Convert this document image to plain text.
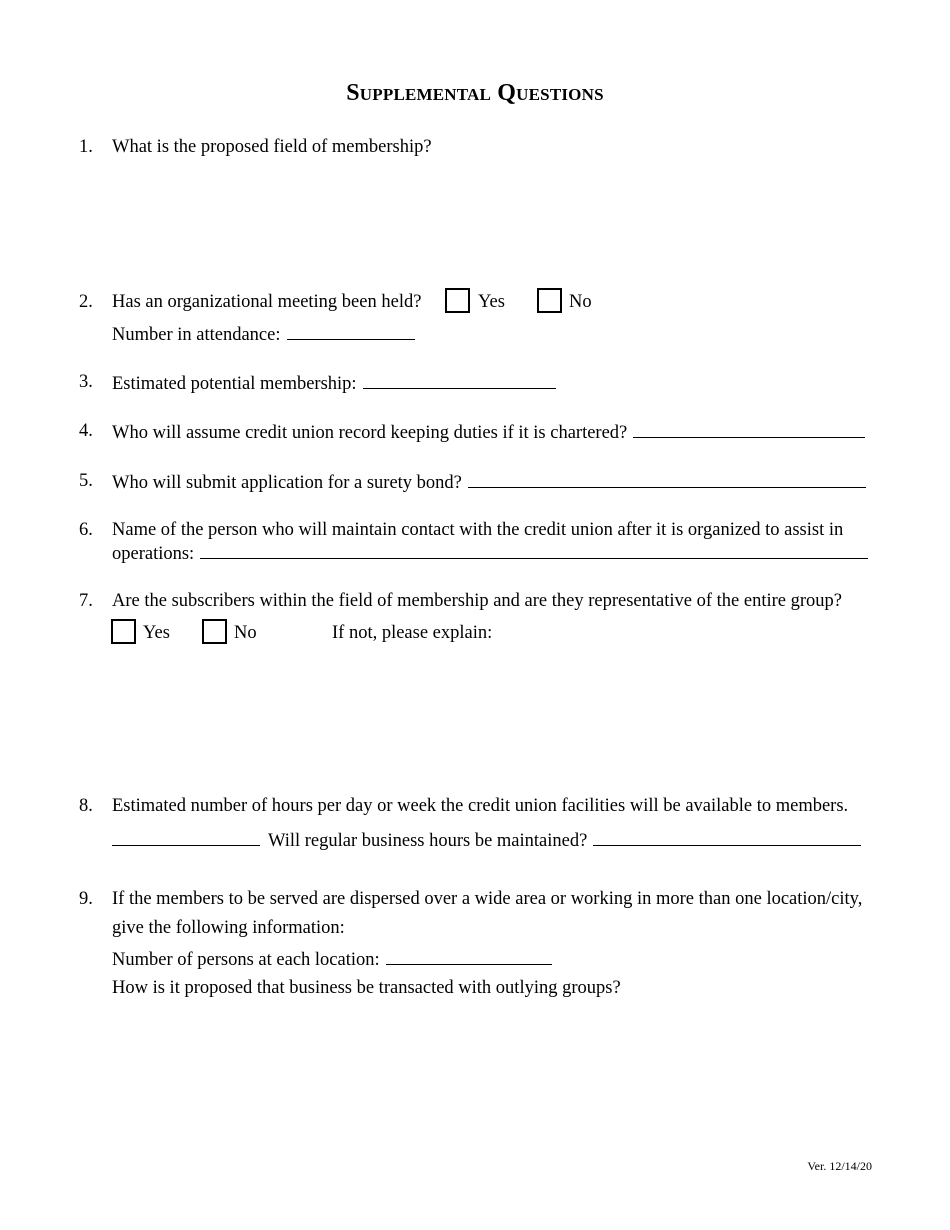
Supplemental Questions
1. What is the proposed field of membership?
2. Has an organizational meeting been held?	Yes	No
Number in attendance:
3. Estimated potential membership:
4. Who will assume credit union record keeping duties if it is chartered?
5. Who will submit application for a surety bond?
6. Name of the person who will maintain contact with the credit union after it is organized to assist in
operations:
7. Are the subscribers within the field of membership and are they representative of the entire group?
Yes	No	If not, please explain:
8. Estimated number of hours per day or week the credit union facilities will be available to members.
Will regular business hours be maintained?
9. If the members to be served are dispersed over a wide area or working in more than one location/city,
give the following information:
Number of persons at each location:
How is it proposed that business be transacted with outlying groups?
Ver. 12/14/20
